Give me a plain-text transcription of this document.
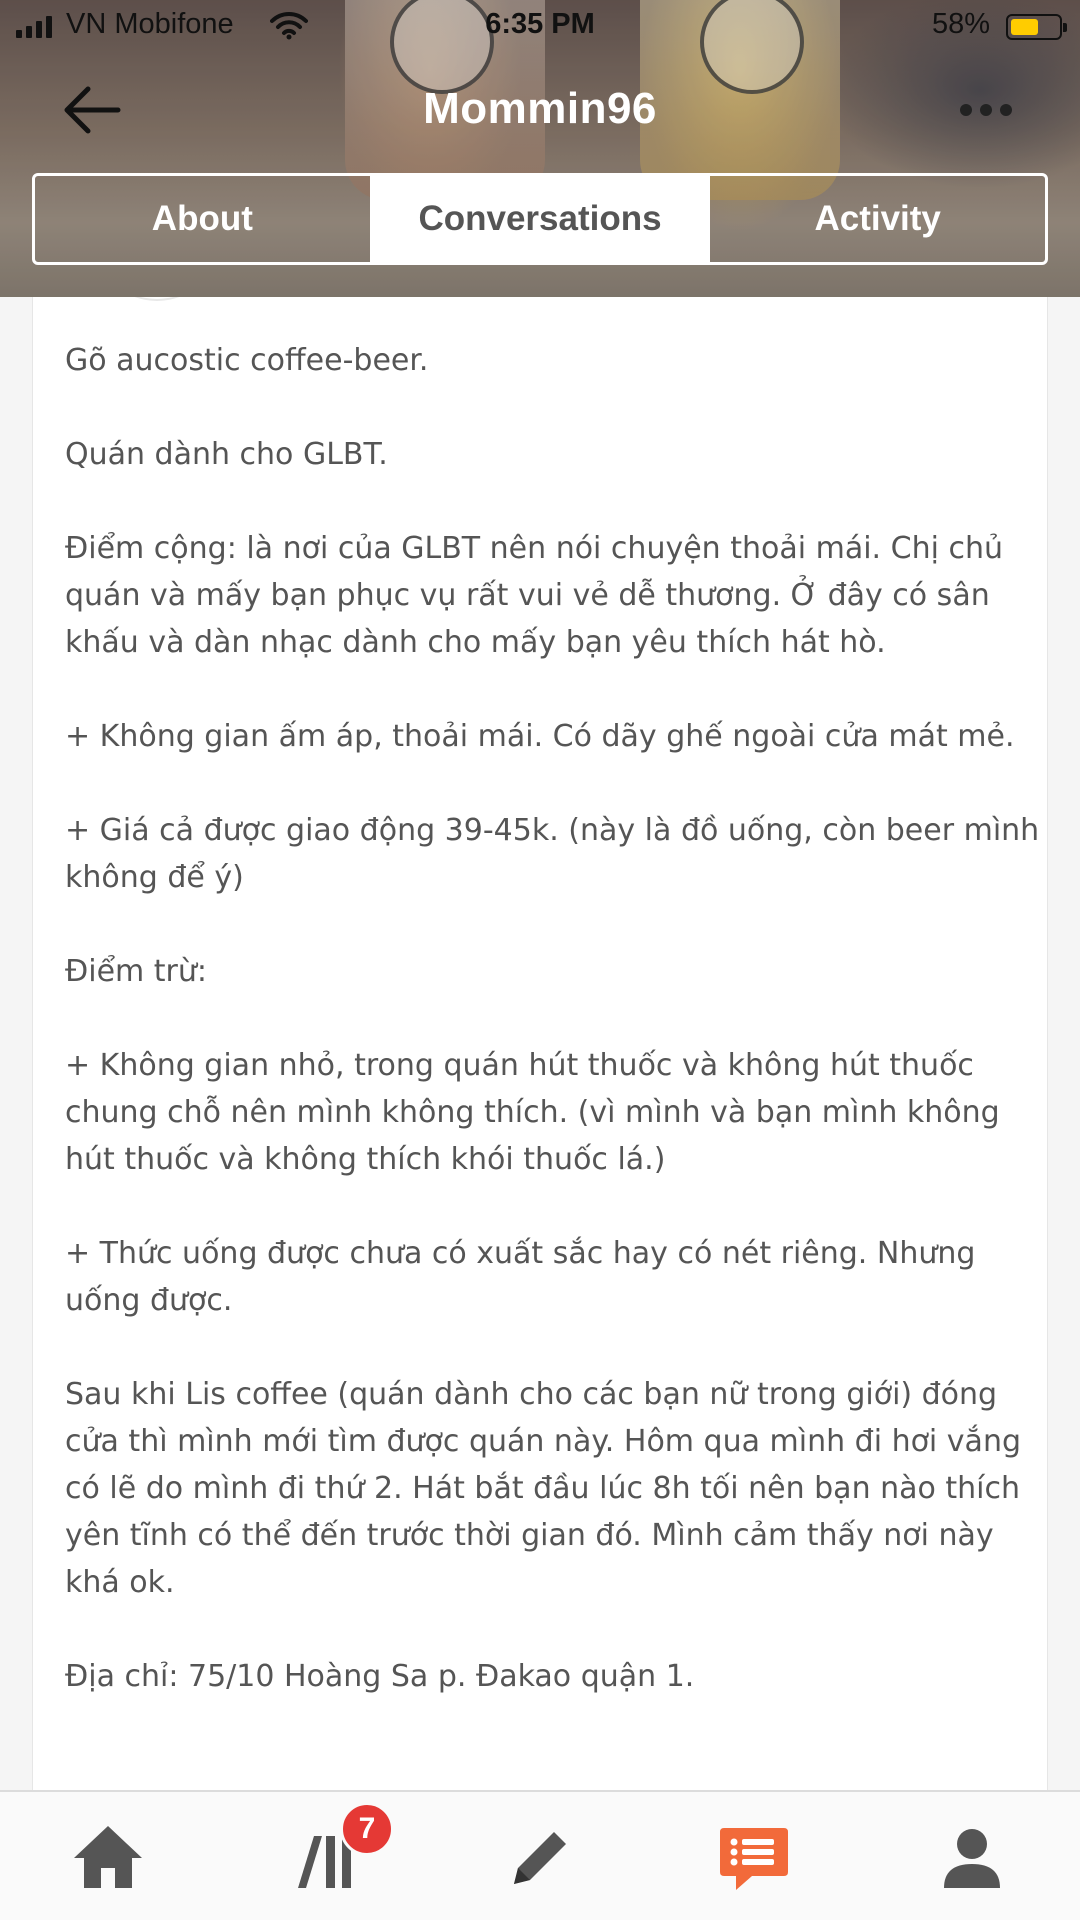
VN Mobifone	6:35 PM	58%
Mommin96
About	Conversations	Activity

Gõ aucostic coffee-beer.

Quán dành cho GLBT.

Điểm cộng: là nơi của GLBT nên nói chuyện thoải mái. Chị chủ quán và mấy bạn phục vụ rất vui vẻ dễ thương. Ở đây có sân khấu và dàn nhạc dành cho mấy bạn yêu thích hát hò.

+ Không gian ấm áp, thoải mái. Có dãy ghế ngoài cửa mát mẻ.

+ Giá cả được giao động 39-45k. (này là đồ uống, còn beer mình không để ý)

Điểm trừ:

+ Không gian nhỏ, trong quán hút thuốc và không hút thuốc chung chỗ nên mình không thích. (vì mình và bạn mình không hút thuốc và không thích khói thuốc lá.)

+ Thức uống được chưa có xuất sắc hay có nét riêng. Nhưng uống được.

Sau khi Lis coffee (quán dành cho các bạn nữ trong giới) đóng cửa thì mình mới tìm được quán này. Hôm qua mình đi hơi vắng có lẽ do mình đi thứ 2. Hát bắt đầu lúc 8h tối nên bạn nào thích yên tĩnh có thể đến trước thời gian đó. Mình cảm thấy nơi này khá ok.

Địa chỉ: 75/10 Hoàng Sa p. Đakao quận 1.

7
